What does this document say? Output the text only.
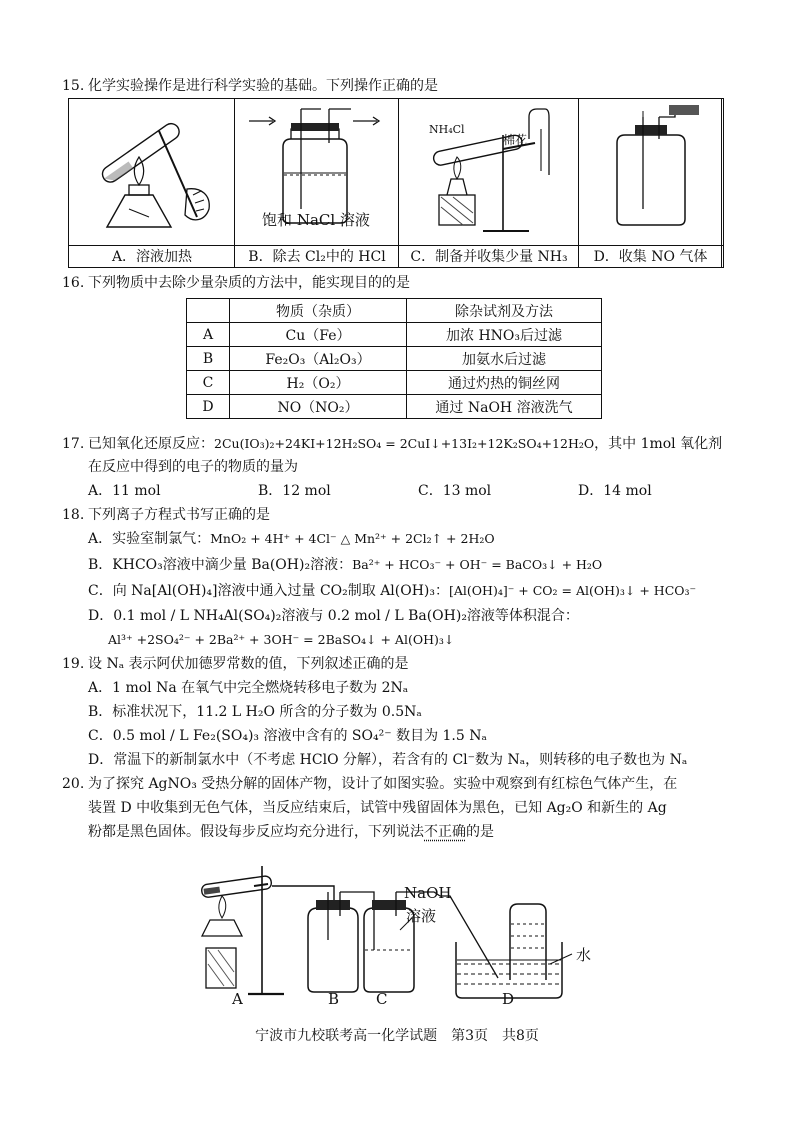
15. 化学实验操作是进行科学实验的基础。下列操作正确的是
饱和 NaCl 溶液
NH₄Cl
棉花
A．溶液加热	B．除去 Cl₂中的 HCl	C．制备并收集少量 NH₃	D．收集 NO 气体
16. 下列物质中去除少量杂质的方法中，能实现目的的是
	物质（杂质）	除杂试剂及方法
A	Cu（Fe）	加浓 HNO₃后过滤
B	Fe₂O₃（Al₂O₃）	加氨水后过滤
C	H₂（O₂）	通过灼热的铜丝网
D	NO（NO₂）	通过 NaOH 溶液洗气
17. 已知氧化还原反应：2Cu(IO₃)₂+24KI+12H₂SO₄ = 2CuI↓+13I₂+12K₂SO₄+12H₂O，其中 1mol 氧化剂
在反应中得到的电子的物质的量为
A．11 mol	B．12 mol	C．13 mol	D．14 mol
18. 下列离子方程式书写正确的是
A．实验室制氯气：MnO₂ + 4H⁺ + 4Cl⁻ △ Mn²⁺ + 2Cl₂↑ + 2H₂O
B．KHCO₃溶液中滴少量 Ba(OH)₂溶液：Ba²⁺ + HCO₃⁻ + OH⁻ = BaCO₃↓ + H₂O
C．向 Na[Al(OH)₄]溶液中通入过量 CO₂制取 Al(OH)₃：[Al(OH)₄]⁻ + CO₂ = Al(OH)₃↓ + HCO₃⁻
D．0.1 mol / L NH₄Al(SO₄)₂溶液与 0.2 mol / L Ba(OH)₂溶液等体积混合：
Al³⁺ +2SO₄²⁻ + 2Ba²⁺ + 3OH⁻ = 2BaSO₄↓ + Al(OH)₃↓
19. 设 Nₐ 表示阿伏加德罗常数的值，下列叙述正确的是
A．1 mol Na 在氧气中完全燃烧转移电子数为 2Nₐ
B．标准状况下，11.2 L H₂O 所含的分子数为 0.5Nₐ
C．0.5 mol / L Fe₂(SO₄)₃ 溶液中含有的 SO₄²⁻ 数目为 1.5 Nₐ
D．常温下的新制氯水中（不考虑 HClO 分解），若含有的 Cl⁻数为 Nₐ，则转移的电子数也为 Nₐ
20. 为了探究 AgNO₃ 受热分解的固体产物，设计了如图实验。实验中观察到有红棕色气体产生，在
装置 D 中收集到无色气体，当反应结束后，试管中残留固体为黑色，已知 Ag₂O 和新生的 Ag
粉都是黑色固体。假设每步反应均充分进行，下列说法不正确的是
NaOH
溶液
水
A	B C	D
宁波市九校联考高一化学试题　第3页　共8页
